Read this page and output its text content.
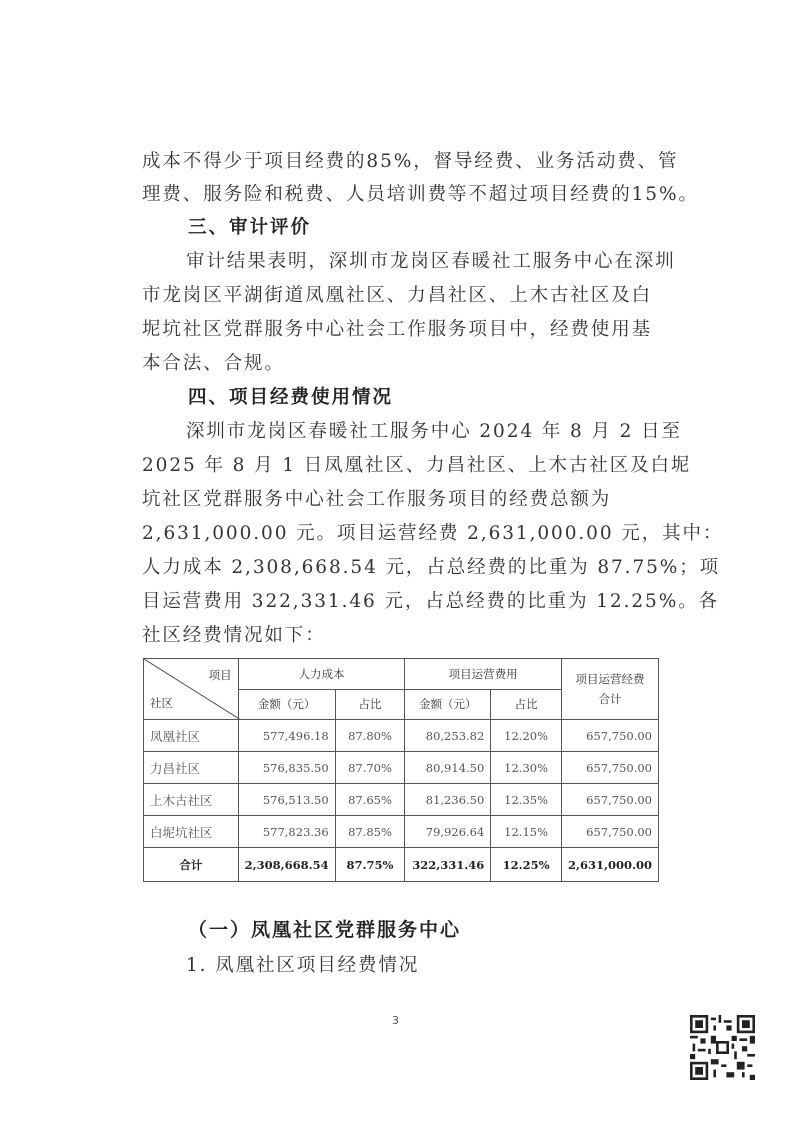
成本不得少于项目经费的85%，督导经费、业务活动费、管
理费、服务险和税费、人员培训费等不超过项目经费的15%。
三、审计评价
审计结果表明，深圳市龙岗区春暖社工服务中心在深圳
市龙岗区平湖街道凤凰社区、力昌社区、上木古社区及白
坭坑社区党群服务中心社会工作服务项目中，经费使用基
本合法、合规。
四、项目经费使用情况
深圳市龙岗区春暖社工服务中心 2024 年 8 月 2 日至
2025 年 8 月 1 日凤凰社区、力昌社区、上木古社区及白坭
坑社区党群服务中心社会工作服务项目的经费总额为
2,631,000.00 元。项目运营经费 2,631,000.00 元，其中：
人力成本 2,308,668.54 元，占总经费的比重为 87.75%；项
目运营费用 322,331.46 元，占总经费的比重为 12.25%。各
社区经费情况如下：
项目
社区	人力成本		项目运营费用		项目运营经费合计
	金额（元）	占比	金额（元）	占比	
凤凰社区	577,496.18	87.80%	80,253.82	12.20%	657,750.00
力昌社区	576,835.50	87.70%	80,914.50	12.30%	657,750.00
上木古社区	576,513.50	87.65%	81,236.50	12.35%	657,750.00
白坭坑社区	577,823.36	87.85%	79,926.64	12.15%	657,750.00
合计	2,308,668.54	87.75%	322,331.46	12.25%	2,631,000.00
（一）凤凰社区党群服务中心
1. 凤凰社区项目经费情况
3
